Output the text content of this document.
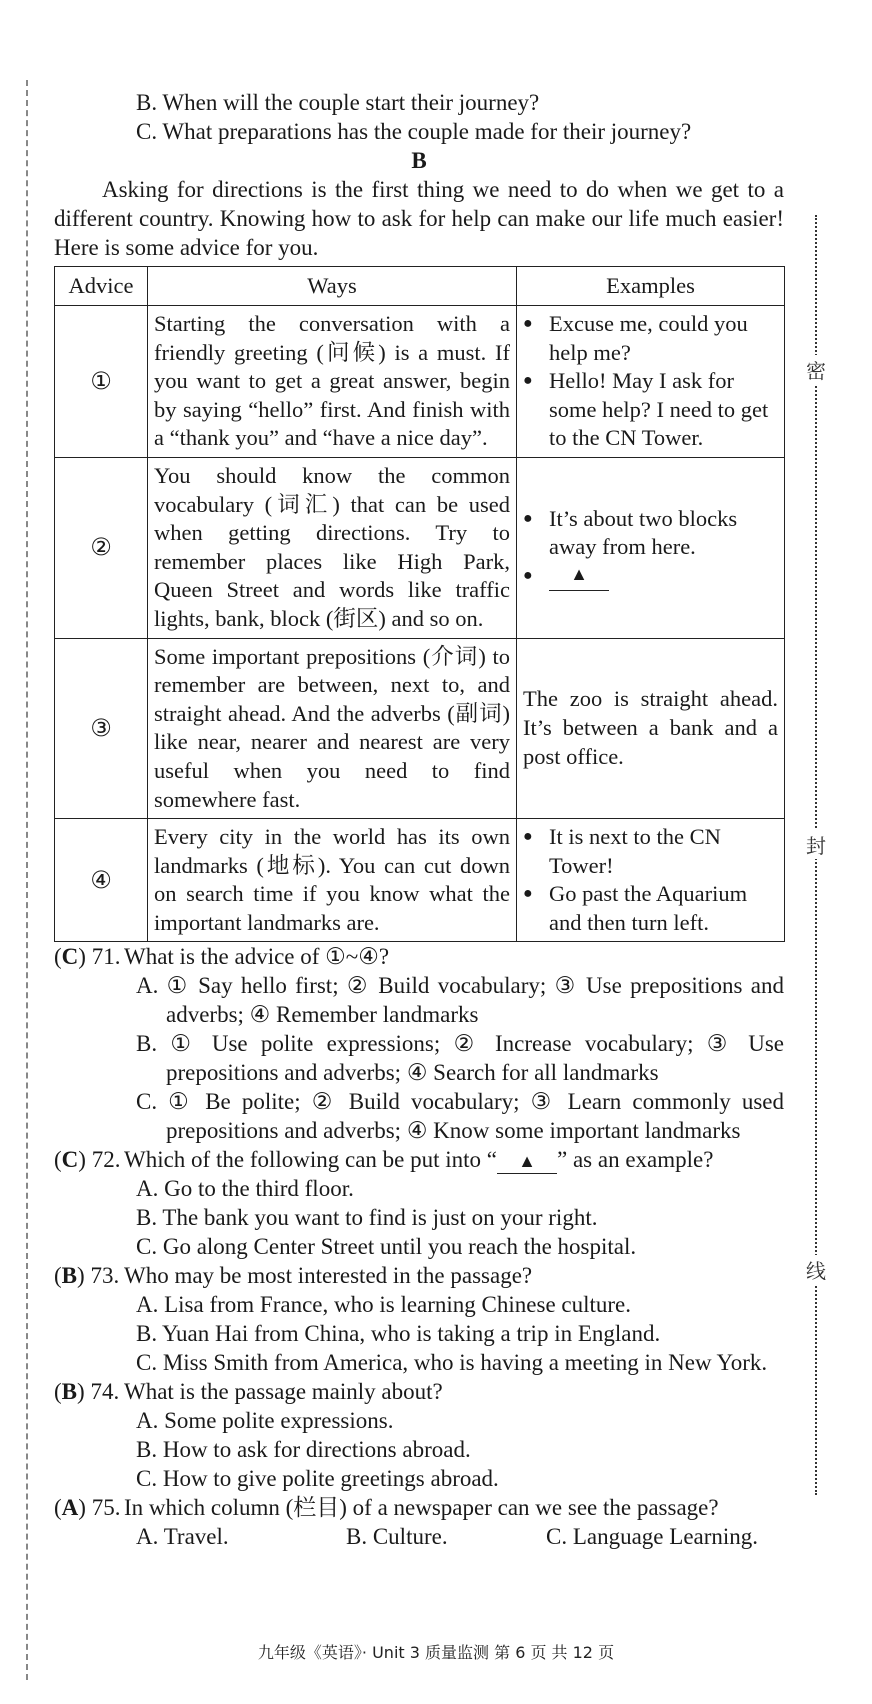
密
封
线
B. When will the couple start their journey?
C. What preparations has the couple made for their journey?
B
Asking for directions is the first thing we need to do when we get to a different country. Knowing how to ask for help can make our life much easier! Here is some advice for you.
Advice	Ways	Examples
①	Starting the conversation with a friendly greeting (问候) is a must. If you want to get a great answer, begin by saying “hello” first. And finish with a “thank you” and “have a nice day”.	● Excuse me, could you help me?
● Hello! May I ask for some help? I need to get to the CN Tower.

②	You should know the common vocabulary (词汇) that can be used when getting directions. Try to remember places like High Park, Queen Street and words like traffic lights, bank, block (街区) and so on.	● It’s about two blocks away from here.
● ▲

③	Some important prepositions (介词) to remember are between, next to, and straight ahead. And the adverbs (副词) like near, nearer and nearest are very useful when you need to find somewhere fast.	The zoo is straight ahead. It’s between a bank and a post office.
④	Every city in the world has its own landmarks (地标). You can cut down on search time if you know what the important landmarks are.	● It is next to the CN Tower!
● Go past the Aquarium and then turn left.
(C) 71. What is the advice of ①~④?
A. ① Say hello first; ② Build vocabulary; ③ Use prepositions and adverbs; ④ Remember landmarks
B. ① Use polite expressions; ② Increase vocabulary; ③ Use prepositions and adverbs; ④ Search for all landmarks
C. ① Be polite; ② Build vocabulary; ③ Learn commonly used prepositions and adverbs; ④ Know some important landmarks
(C) 72. Which of the following can be put into “ ▲ ” as an example?
A. Go to the third floor.
B. The bank you want to find is just on your right.
C. Go along Center Street until you reach the hospital.
(B) 73. Who may be most interested in the passage?
A. Lisa from France, who is learning Chinese culture.
B. Yuan Hai from China, who is taking a trip in England.
C. Miss Smith from America, who is having a meeting in New York.
(B) 74. What is the passage mainly about?
A. Some polite expressions.
B. How to ask for directions abroad.
C. How to give polite greetings abroad.
(A) 75. In which column (栏目) of a newspaper can we see the passage?
A. Travel.	B. Culture.	C. Language Learning.
九年级《英语》· Unit 3 质量监测 第 6 页 共 12 页
